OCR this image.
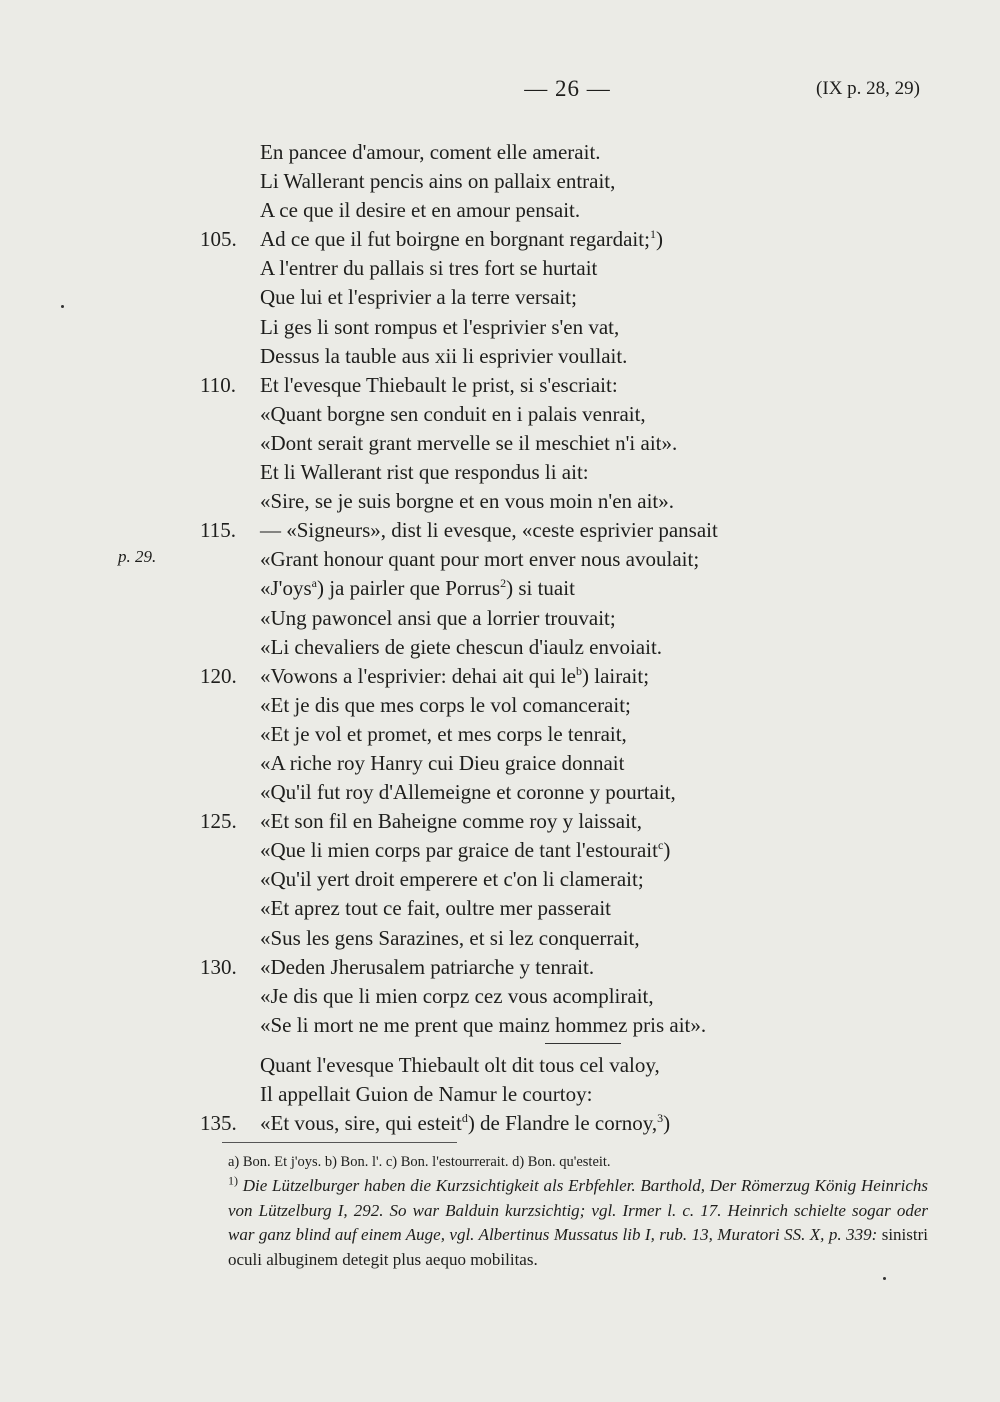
— 26 —	(IX p. 28, 29)
p. 29.
En pancee d'amour, coment elle amerait.
Li Wallerant pencis ains on pallaix entrait,
A ce que il desire et en amour pensait.
105.	Ad ce que il fut boirgne en borgnant regardait;$^1$)
A l'entrer du pallais si tres fort se hurtait
Que lui et l'esprivier a la terre versait;
Li ges li sont rompus et l'esprivier s'en vat,
Dessus la tauble aus xii li esprivier voullait.
110.	Et l'evesque Thiebault le prist, si s'escriait:
«Quant borgne sen conduit en i palais venrait,
«Dont serait grant mervelle se il meschiet n'i ait».
Et li Wallerant rist que respondus li ait:
«Sire, se je suis borgne et en vous moin n'en ait».
115.	— «Signeurs», dist li evesque, «ceste esprivier pansait
«Grant honour quant pour mort enver nous avoulait;
«J'oys$^a$) ja pairler que Porrus$^2$) si tuait
«Ung pawoncel ansi que a lorrier trouvait;
«Li chevaliers de giete chescun d'iaulz envoiait.
120.	«Vowons a l'esprivier: dehai ait qui $le^b$) lairait;
«Et je dis que mes corps le vol comancerait;
«Et je vol et promet, et mes corps le tenrait,
«A riche roy Hanry cui Dieu graice donnait
«Qu'il fut roy d'Allemeigne et coronne y pourtait,
125.	«Et son fil en Baheigne comme roy y laissait,
«Que li mien corps par graice de tant l'estourait$^c$)
«Qu'il yert droit emperere et c'on li clamerait;
«Et aprez tout ce fait, oultre mer passerait
«Sus les gens Sarazines, et si lez conquerrait,
130.	«Deden Jherusalem patriarche y tenrait.
«Je dis que li mien corpz cez vous acomplirait,
«Se li mort ne me prent que mainz hommez pris ait».
Quant l'evesque Thiebault olt dit tous cel valoy,
Il appellait Guion de Namur le courtoy:
135.	«Et vous, sire, qui esteit$^d$) de Flandre le cornoy,$^3$)
a) Bon. Et j'oys. b) Bon. l'. c) Bon. l'estourrerait. d) Bon. qu'esteit.
$^{1)}$ Die Lützelburger haben die Kurzsichtigkeit als Erbfehler. Barthold, Der Römerzug König Heinrichs von Lützelburg I, 292. So war Balduin kurzsichtig; vgl. Irmer l. c. 17. Heinrich schielte sogar oder war ganz blind auf einem Auge, vgl. Albertinus Mussatus lib I, rub. 13, Muratori SS. X, p. 339: sinistri oculi albuginem detegit plus aequo mobilitas.
